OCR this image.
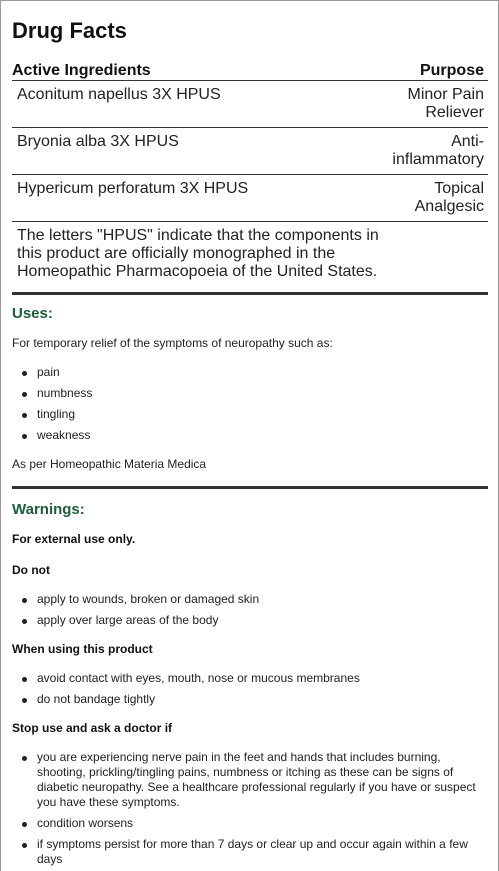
Drug Facts
Active Ingredients	Purpose
Aconitum napellus 3X HPUS	Minor Pain Reliever
Bryonia alba 3X HPUS	Anti-inflammatory
Hypericum perforatum 3X HPUS	Topical Analgesic
The letters "HPUS" indicate that the components in this product are officially monographed in the Homeopathic Pharmacopoeia of the United States.
Uses:
For temporary relief of the symptoms of neuropathy such as:
pain
numbness
tingling
weakness
As per Homeopathic Materia Medica
Warnings:
For external use only.
Do not
apply to wounds, broken or damaged skin
apply over large areas of the body
When using this product
avoid contact with eyes, mouth, nose or mucous membranes
do not bandage tightly
Stop use and ask a doctor if
you are experiencing nerve pain in the feet and hands that includes burning, shooting, prickling/tingling pains, numbness or itching as these can be signs of diabetic neuropathy. See a healthcare professional regularly if you have or suspect you have these symptoms.
condition worsens
if symptoms persist for more than 7 days or clear up and occur again within a few days
